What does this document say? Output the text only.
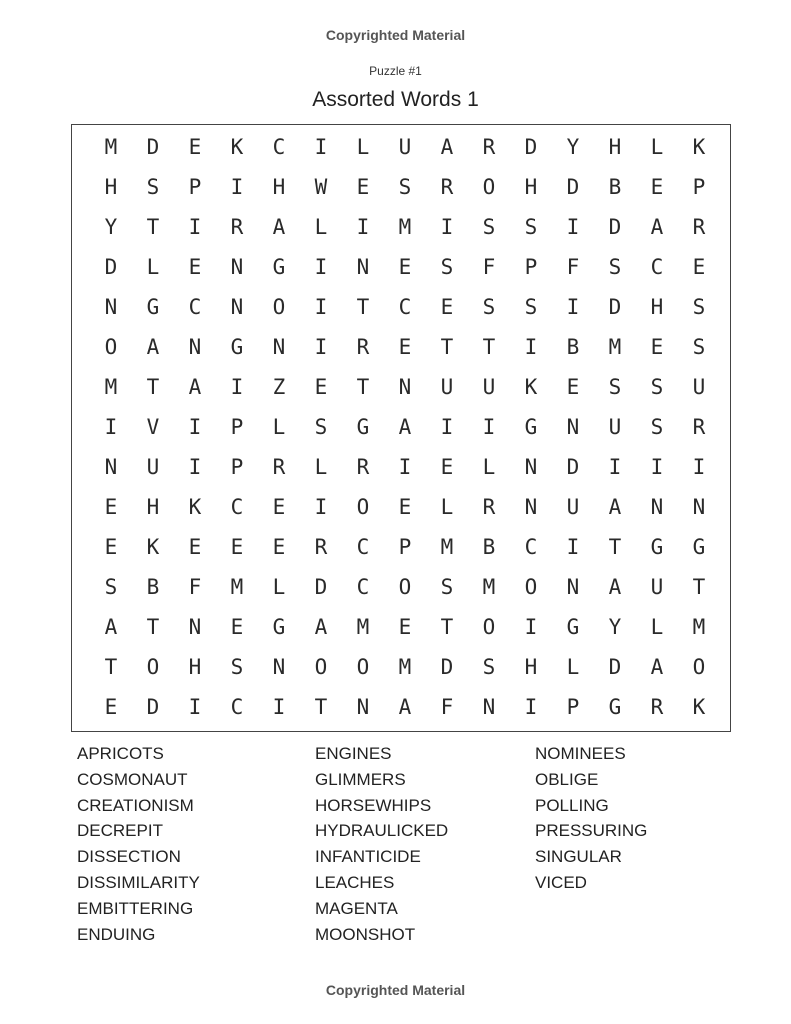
Copyrighted Material
Puzzle #1
Assorted Words 1
M	D	E	K	C	I	L	U	A	R	D	Y	H	L	K
H	S	P	I	H	W	E	S	R	O	H	D	B	E	P
Y	T	I	R	A	L	I	M	I	S	S	I	D	A	R
D	L	E	N	G	I	N	E	S	F	P	F	S	C	E
N	G	C	N	O	I	T	C	E	S	S	I	D	H	S
O	A	N	G	N	I	R	E	T	T	I	B	M	E	S
M	T	A	I	Z	E	T	N	U	U	K	E	S	S	U
I	V	I	P	L	S	G	A	I	I	G	N	U	S	R
N	U	I	P	R	L	R	I	E	L	N	D	I	I	I
E	H	K	C	E	I	O	E	L	R	N	U	A	N	N
E	K	E	E	E	R	C	P	M	B	C	I	T	G	G
S	B	F	M	L	D	C	O	S	M	O	N	A	U	T
A	T	N	E	G	A	M	E	T	O	I	G	Y	L	M
T	O	H	S	N	O	O	M	D	S	H	L	D	A	O
E	D	I	C	I	T	N	A	F	N	I	P	G	R	K
APRICOTS
COSMONAUT
CREATIONISM
DECREPIT
DISSECTION
DISSIMILARITY
EMBITTERING
ENDUING
ENGINES
GLIMMERS
HORSEWHIPS
HYDRAULICKED
INFANTICIDE
LEACHES
MAGENTA
MOONSHOT
NOMINEES
OBLIGE
POLLING
PRESSURING
SINGULAR
VICED
Copyrighted Material
